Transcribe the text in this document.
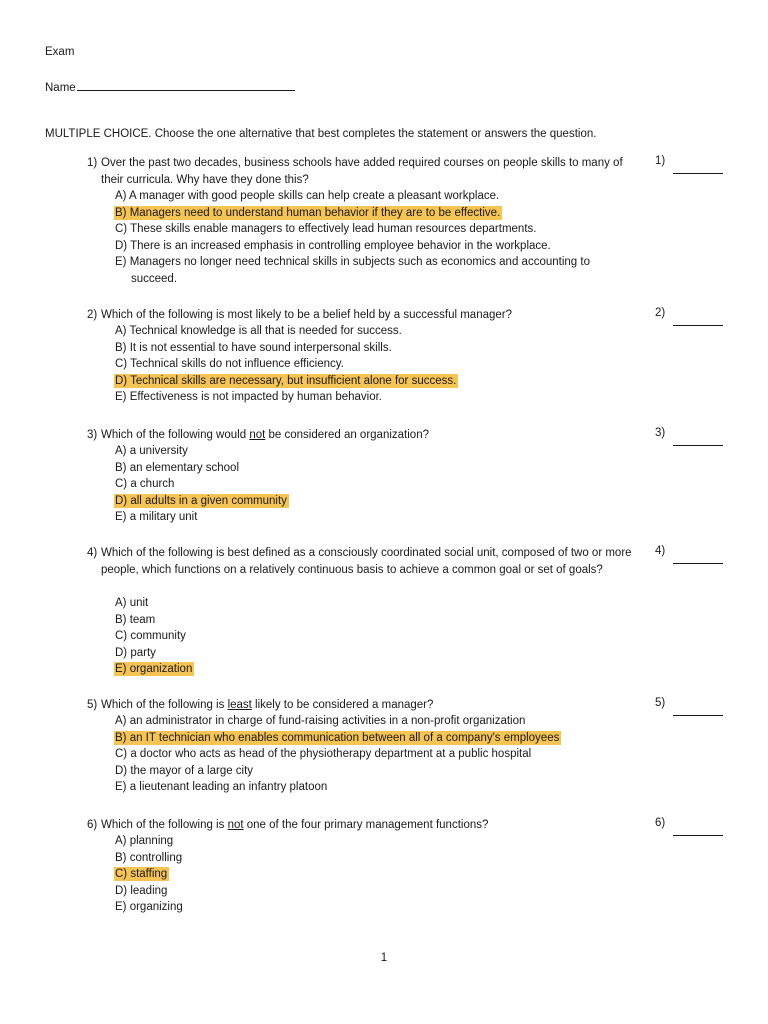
Exam
Name
MULTIPLE CHOICE. Choose the one alternative that best completes the statement or answers the question.
1) Over the past two decades, business schools have added required courses on people skills to many of their curricula. Why have they done this?
1)
A) A manager with good people skills can help create a pleasant workplace.
B) Managers need to understand human behavior if they are to be effective.
C) These skills enable managers to effectively lead human resources departments.
D) There is an increased emphasis in controlling employee behavior in the workplace.
E) Managers no longer need technical skills in subjects such as economics and accounting to succeed.
2) Which of the following is most likely to be a belief held by a successful manager?	2)
A) Technical knowledge is all that is needed for success.
B) It is not essential to have sound interpersonal skills.
C) Technical skills do not influence efficiency.
D) Technical skills are necessary, but insufficient alone for success.
E) Effectiveness is not impacted by human behavior.
3) Which of the following would not be considered an organization?	3)
A) a university
B) an elementary school
C) a church
D) all adults in a given community
E) a military unit
4) Which of the following is best defined as a consciously coordinated social unit, composed of two or more people, which functions on a relatively continuous basis to achieve a common goal or set of goals?
4)
A) unit
B) team
C) community
D) party
E) organization
5) Which of the following is least likely to be considered a manager?	5)
A) an administrator in charge of fund-raising activities in a non-profit organization
B) an IT technician who enables communication between all of a company's employees
C) a doctor who acts as head of the physiotherapy department at a public hospital
D) the mayor of a large city
E) a lieutenant leading an infantry platoon
6) Which of the following is not one of the four primary management functions?	6)
A) planning
B) controlling
C) staffing
D) leading
E) organizing
1
